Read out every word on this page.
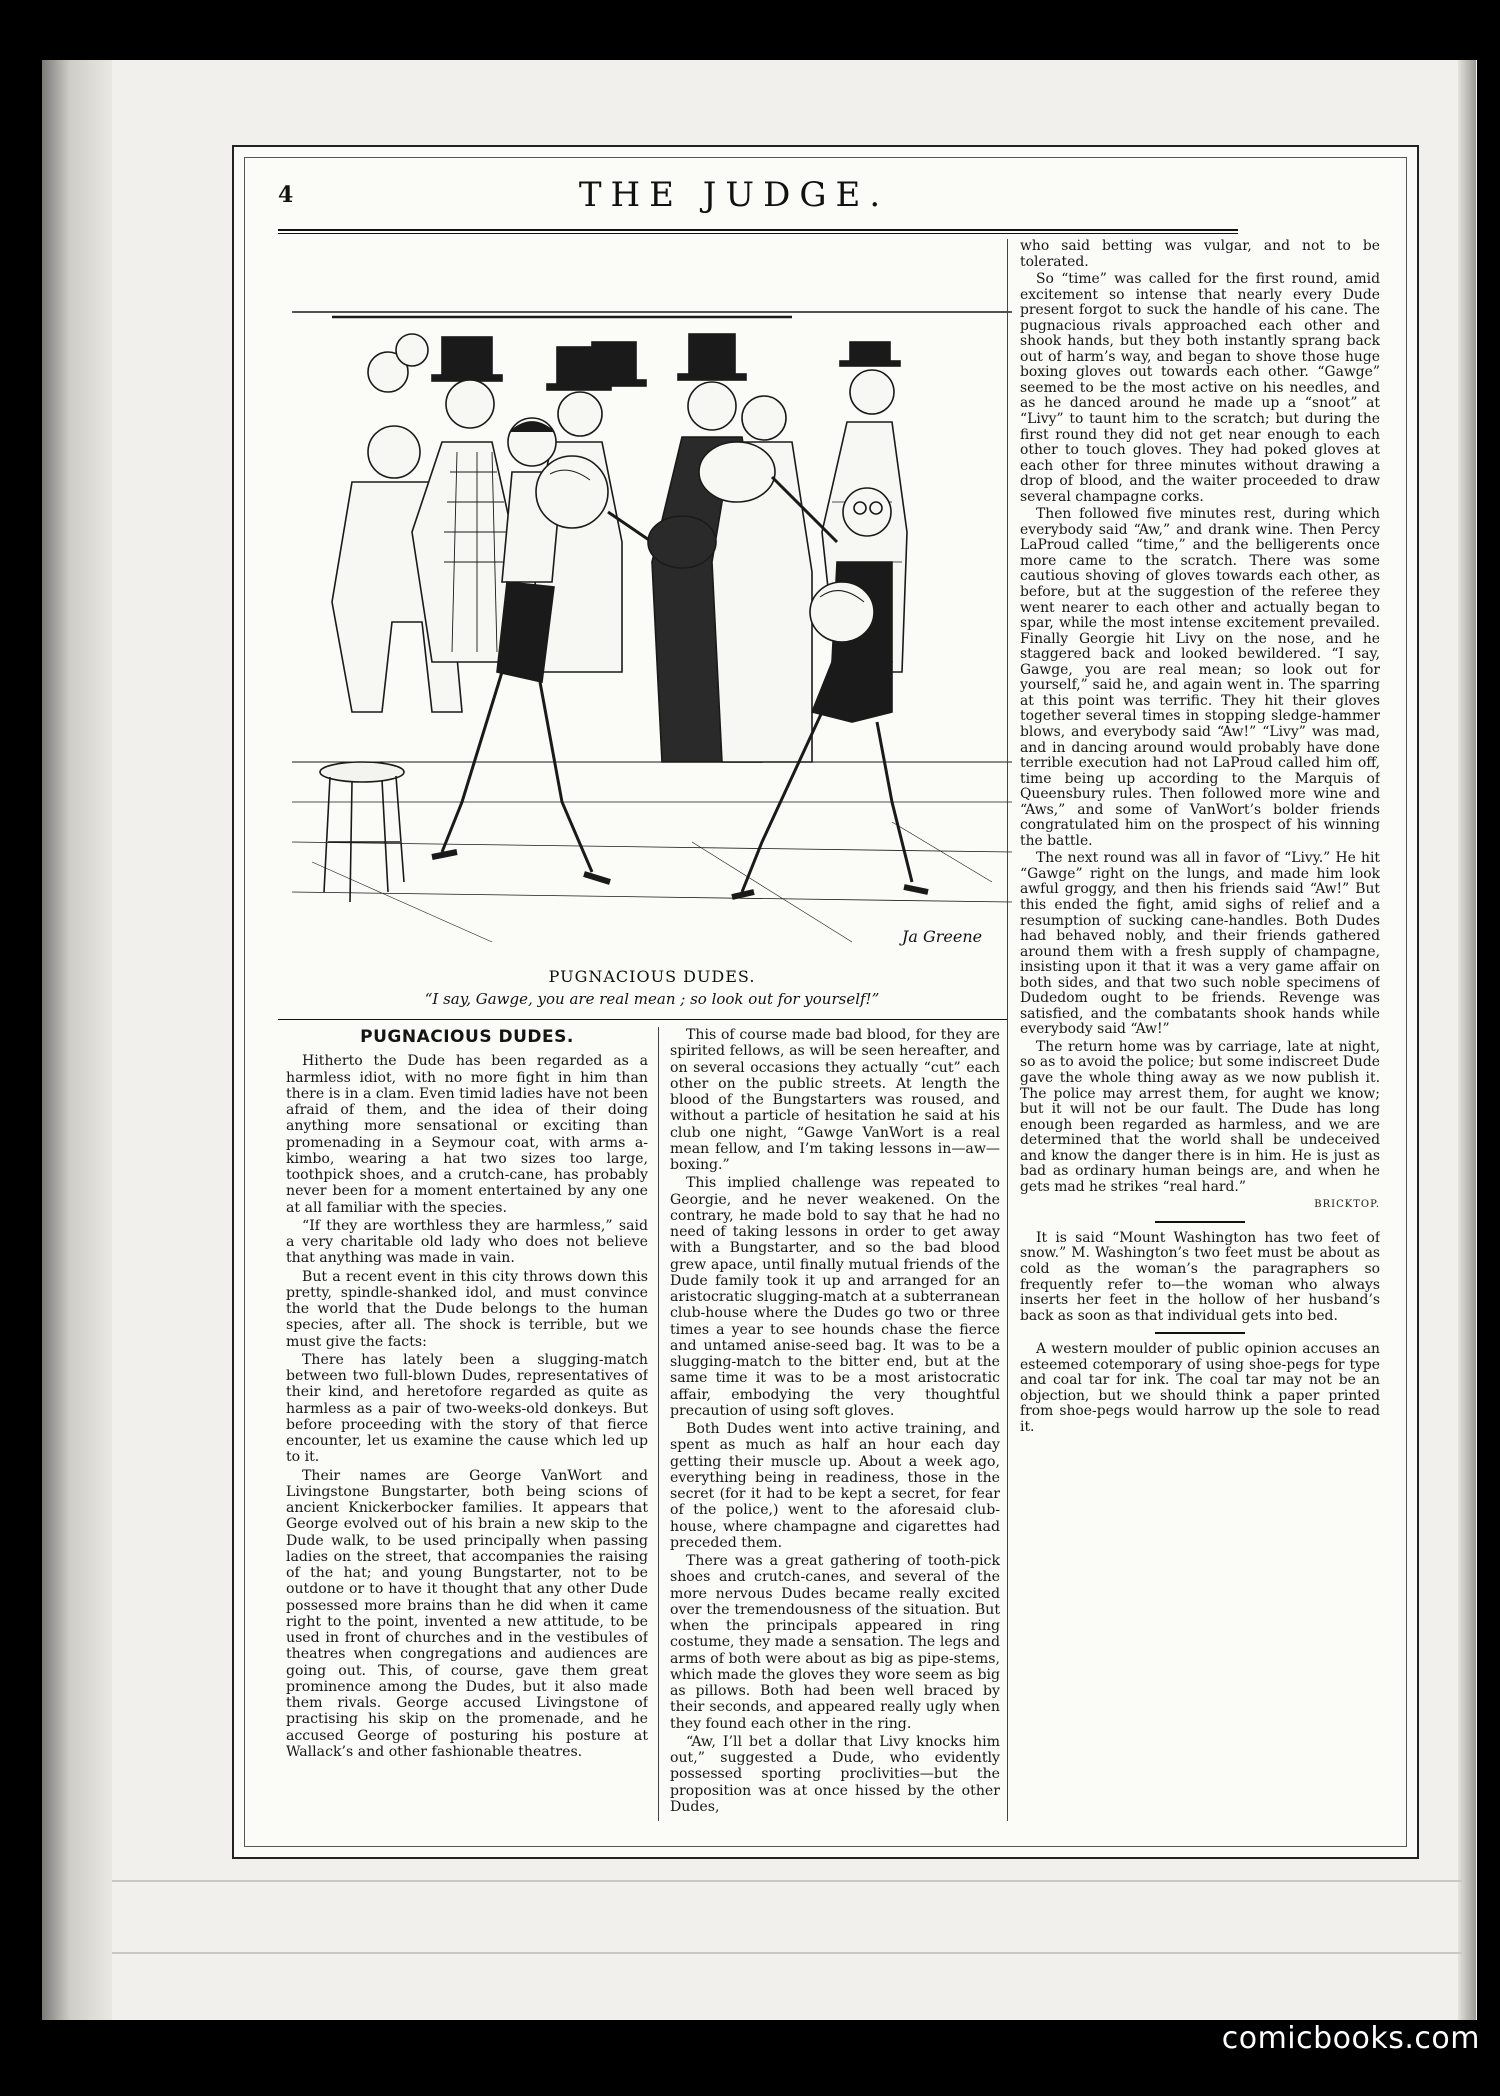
4	THE JUDGE.
Ja Greene
PUGNACIOUS DUDES.
“I say, Gawge, you are real mean ; so look out for yourself!”
PUGNACIOUS DUDES.

Hitherto the Dude has been regarded as a harmless idiot, with no more fight in him than there is in a clam. Even timid ladies have not been afraid of them, and the idea of their doing anything more sensational or exciting than promenading in a Seymour coat, with arms a-kimbo, wearing a hat two sizes too large, toothpick shoes, and a crutch-cane, has probably never been for a moment entertained by any one at all familiar with the species.

“If they are worthless they are harmless,” said a very charitable old lady who does not believe that anything was made in vain.

But a recent event in this city throws down this pretty, spindle-shanked idol, and must convince the world that the Dude belongs to the human species, after all. The shock is terrible, but we must give the facts:

There has lately been a slugging-match between two full-blown Dudes, representatives of their kind, and heretofore regarded as quite as harmless as a pair of two-weeks-old donkeys. But before proceeding with the story of that fierce encounter, let us examine the cause which led up to it.

Their names are George VanWort and Livingstone Bungstarter, both being scions of ancient Knickerbocker families. It appears that George evolved out of his brain a new skip to the Dude walk, to be used principally when passing ladies on the street, that accompanies the raising of the hat; and young Bungstarter, not to be outdone or to have it thought that any other Dude possessed more brains than he did when it came right to the point, invented a new attitude, to be used in front of churches and in the vestibules of theatres when congregations and audiences are going out. This, of course, gave them great prominence among the Dudes, but it also made them rivals. George accused Livingstone of practising his skip on the promenade, and he accused George of posturing his posture at Wallack’s and other fashionable theatres.

This of course made bad blood, for they are spirited fellows, as will be seen hereafter, and on several occasions they actually “cut” each other on the public streets. At length the blood of the Bungstarters was roused, and without a particle of hesitation he said at his club one night, “Gawge VanWort is a real mean fellow, and I’m taking lessons in—aw—boxing.”

This implied challenge was repeated to Georgie, and he never weakened. On the contrary, he made bold to say that he had no need of taking lessons in order to get away with a Bungstarter, and so the bad blood grew apace, until finally mutual friends of the Dude family took it up and arranged for an aristocratic slugging-match at a subterranean club-house where the Dudes go two or three times a year to see hounds chase the fierce and untamed anise-seed bag. It was to be a slugging-match to the bitter end, but at the same time it was to be a most aristocratic affair, embodying the very thoughtful precaution of using soft gloves.

Both Dudes went into active training, and spent as much as half an hour each day getting their muscle up. About a week ago, everything being in readiness, those in the secret (for it had to be kept a secret, for fear of the police,) went to the aforesaid club-house, where champagne and cigarettes had preceded them.

There was a great gathering of tooth-pick shoes and crutch-canes, and several of the more nervous Dudes became really excited over the tremendousness of the situation. But when the principals appeared in ring costume, they made a sensation. The legs and arms of both were about as big as pipe-stems, which made the gloves they wore seem as big as pillows. Both had been well braced by their seconds, and appeared really ugly when they found each other in the ring.

“Aw, I’ll bet a dollar that Livy knocks him out,” suggested a Dude, who evidently possessed sporting proclivities—but the proposition was at once hissed by the other Dudes,

who said betting was vulgar, and not to be tolerated.

So “time” was called for the first round, amid excitement so intense that nearly every Dude present forgot to suck the handle of his cane. The pugnacious rivals approached each other and shook hands, but they both instantly sprang back out of harm’s way, and began to shove those huge boxing gloves out towards each other. “Gawge” seemed to be the most active on his needles, and as he danced around he made up a “snoot” at “Livy” to taunt him to the scratch; but during the first round they did not get near enough to each other to touch gloves. They had poked gloves at each other for three minutes without drawing a drop of blood, and the waiter proceeded to draw several champagne corks.

Then followed five minutes rest, during which everybody said “Aw,” and drank wine. Then Percy LaProud called “time,” and the belligerents once more came to the scratch. There was some cautious shoving of gloves towards each other, as before, but at the suggestion of the referee they went nearer to each other and actually began to spar, while the most intense excitement prevailed. Finally Georgie hit Livy on the nose, and he staggered back and looked bewildered. “I say, Gawge, you are real mean; so look out for yourself,” said he, and again went in. The sparring at this point was terrific. They hit their gloves together several times in stopping sledge-hammer blows, and everybody said “Aw!” “Livy” was mad, and in dancing around would probably have done terrible execution had not LaProud called him off, time being up according to the Marquis of Queensbury rules. Then followed more wine and “Aws,” and some of VanWort’s bolder friends congratulated him on the prospect of his winning the battle.

The next round was all in favor of “Livy.” He hit “Gawge” right on the lungs, and made him look awful groggy, and then his friends said “Aw!” But this ended the fight, amid sighs of relief and a resumption of sucking cane-handles. Both Dudes had behaved nobly, and their friends gathered around them with a fresh supply of champagne, insisting upon it that it was a very game affair on both sides, and that two such noble specimens of Dudedom ought to be friends. Revenge was satisfied, and the combatants shook hands while everybody said “Aw!”

The return home was by carriage, late at night, so as to avoid the police; but some indiscreet Dude gave the whole thing away as we now publish it. The police may arrest them, for aught we know; but it will not be our fault. The Dude has long enough been regarded as harmless, and we are determined that the world shall be undeceived and know the danger there is in him. He is just as bad as ordinary human beings are, and when he gets mad he strikes “real hard.”

BRICKTOP.

It is said “Mount Washington has two feet of snow.” M. Washington’s two feet must be about as cold as the woman’s the paragraphers so frequently refer to—the woman who always inserts her feet in the hollow of her husband’s back as soon as that individual gets into bed.

A western moulder of public opinion accuses an esteemed cotemporary of using shoe-pegs for type and coal tar for ink. The coal tar may not be an objection, but we should think a paper printed from shoe-pegs would harrow up the sole to read it.

comicbooks.com
